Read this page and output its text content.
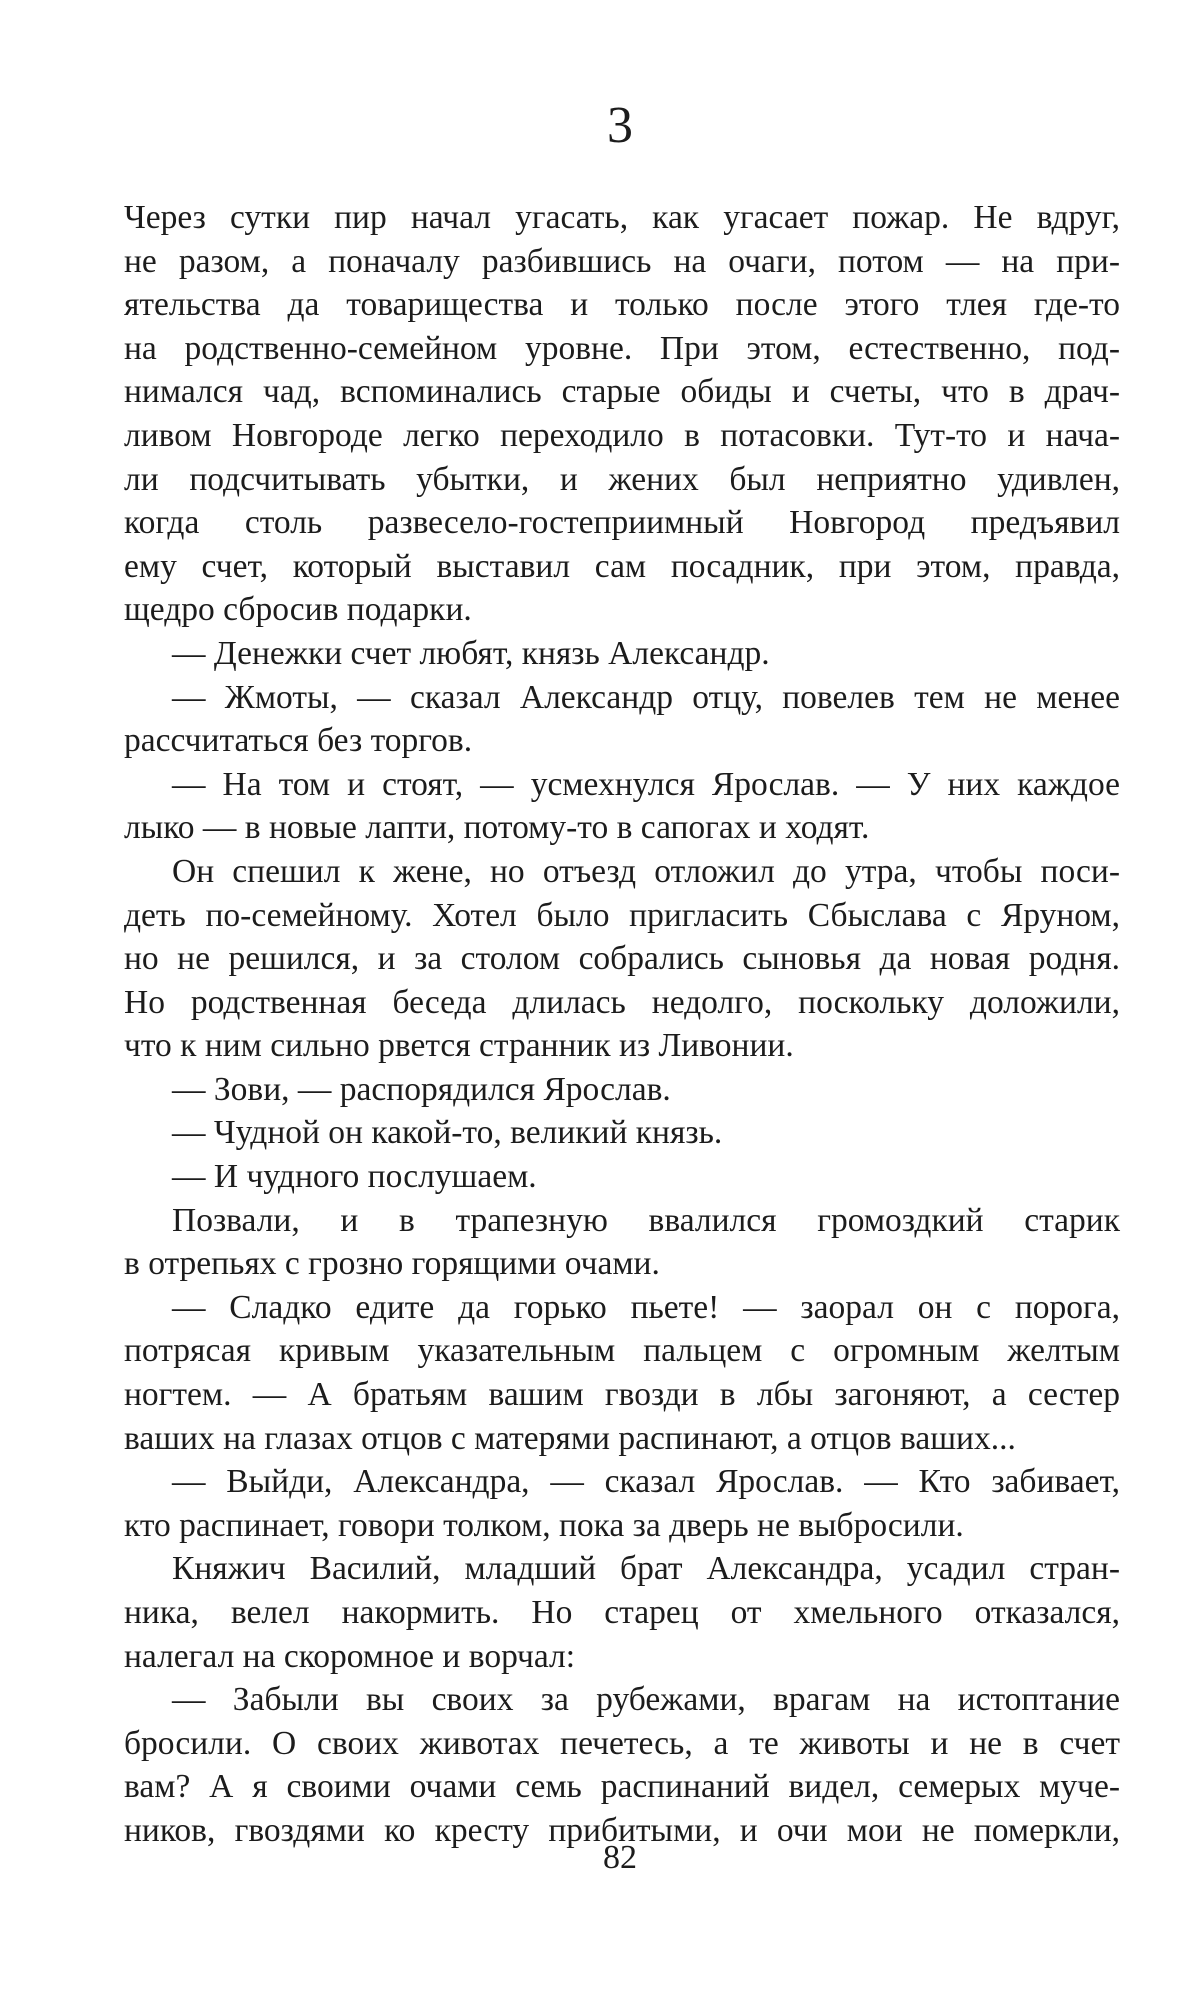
3
Через сутки пир начал угасать, как угасает пожар. Не вдруг,
не разом, а поначалу разбившись на очаги, потом — на при-
ятельства да товарищества и только после этого тлея где-то
на родственно-семейном уровне. При этом, естественно, под-
нимался чад, вспоминались старые обиды и счеты, что в драч-
ливом Новгороде легко переходило в потасовки. Тут-то и нача-
ли подсчитывать убытки, и жених был неприятно удивлен,
когда столь развесело-гостеприимный Новгород предъявил
ему счет, который выставил сам посадник, при этом, правда,
щедро сбросив подарки.
— Денежки счет любят, князь Александр.
— Жмоты, — сказал Александр отцу, повелев тем не менее
рассчитаться без торгов.
— На том и стоят, — усмехнулся Ярослав. — У них каждое
лыко — в новые лапти, потому-то в сапогах и ходят.
Он спешил к жене, но отъезд отложил до утра, чтобы поси-
деть по-семейному. Хотел было пригласить Сбыслава с Яруном,
но не решился, и за столом собрались сыновья да новая родня.
Но родственная беседа длилась недолго, поскольку доложили,
что к ним сильно рвется странник из Ливонии.
— Зови, — распорядился Ярослав.
— Чудной он какой-то, великий князь.
— И чудного послушаем.
Позвали, и в трапезную ввалился громоздкий старик
в отрепьях с грозно горящими очами.
— Сладко едите да горько пьете! — заорал он с порога,
потрясая кривым указательным пальцем с огромным желтым
ногтем. — А братьям вашим гвозди в лбы загоняют, а сестер
ваших на глазах отцов с матерями распинают, а отцов ваших...
— Выйди, Александра, — сказал Ярослав. — Кто забивает,
кто распинает, говори толком, пока за дверь не выбросили.
Княжич Василий, младший брат Александра, усадил стран-
ника, велел накормить. Но старец от хмельного отказался,
налегал на скоромное и ворчал:
— Забыли вы своих за рубежами, врагам на истоптание
бросили. О своих животах печетесь, а те животы и не в счет
вам? А я своими очами семь распинаний видел, семерых муче-
ников, гвоздями ко кресту прибитыми, и очи мои не померкли,
82
